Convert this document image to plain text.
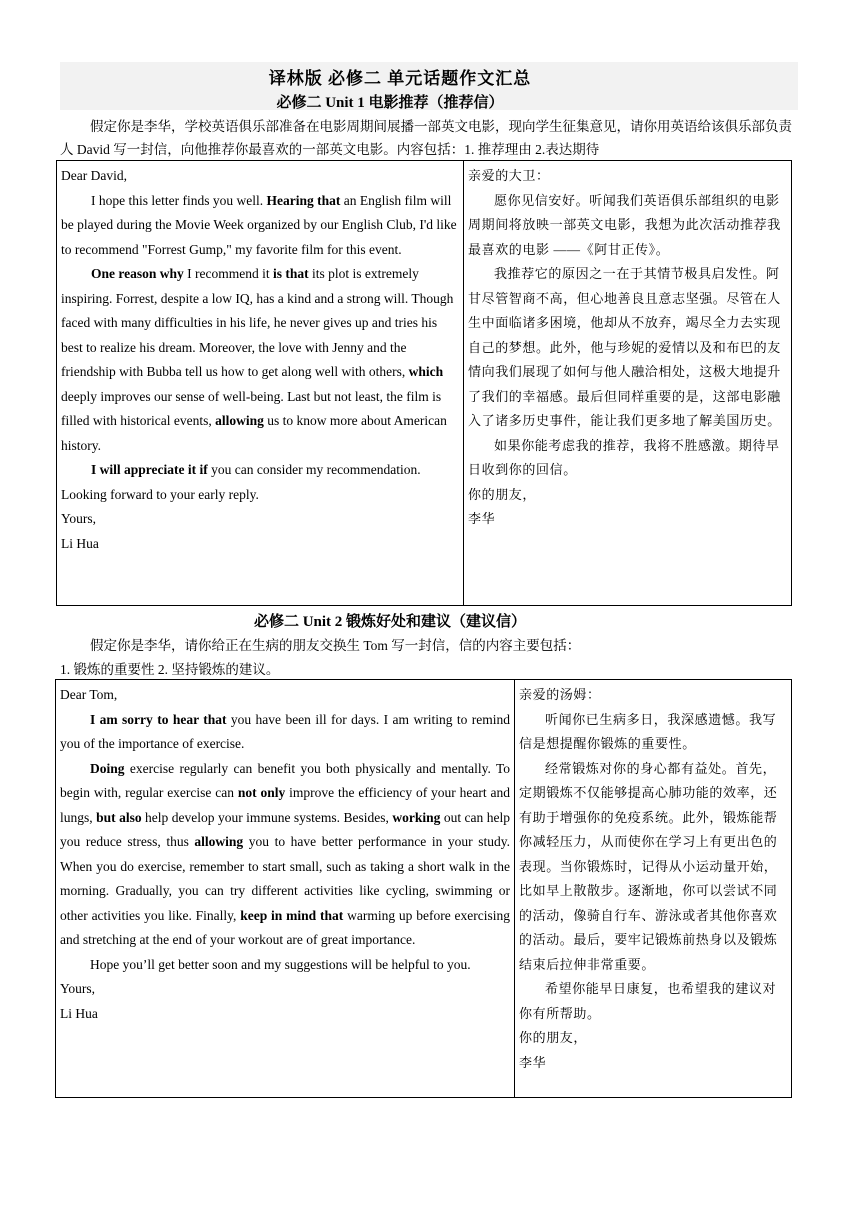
译林版 必修二 单元话题作文汇总
必修二 Unit 1 电影推荐（推荐信）
假定你是李华，学校英语俱乐部准备在电影周期间展播一部英文电影，现向学生征集意见，请你用英语给该俱乐部负责人 David 写一封信，向他推荐你最喜欢的一部英文电影。内容包括：1. 推荐理由 2.表达期待

Dear David,

I hope this letter finds you well. Hearing that an English film will be played during the Movie Week organized by our English Club, I'd like to recommend "Forrest Gump," my favorite film for this event.

One reason why I recommend it is that its plot is extremely inspiring. Forrest, despite a low IQ, has a kind and a strong will. Though faced with many difficulties in his life, he never gives up and tries his best to realize his dream. Moreover, the love with Jenny and the friendship with Bubba tell us how to get along well with others, which deeply improves our sense of well-being. Last but not least, the film is filled with historical events, allowing us to know more about American history.

I will appreciate it if you can consider my recommendation. Looking forward to your early reply.

Yours,

Li Hua

亲爱的大卫：

愿你见信安好。听闻我们英语俱乐部组织的电影周期间将放映一部英文电影，我想为此次活动推荐我最喜欢的电影 ——《阿甘正传》。

我推荐它的原因之一在于其情节极具启发性。阿甘尽管智商不高，但心地善良且意志坚强。尽管在人生中面临诸多困境，他却从不放弃，竭尽全力去实现自己的梦想。此外，他与珍妮的爱情以及和布巴的友情向我们展现了如何与他人融洽相处，这极大地提升了我们的幸福感。最后但同样重要的是，这部电影融入了诸多历史事件，能让我们更多地了解美国历史。

如果你能考虑我的推荐，我将不胜感激。期待早日收到你的回信。

你的朋友，

李华

必修二 Unit 2 锻炼好处和建议（建议信）
假定你是李华，请你给正在生病的朋友交换生 Tom 写一封信，信的内容主要包括：
1. 锻炼的重要性 2. 坚持锻炼的建议。

Dear Tom,

I am sorry to hear that you have been ill for days. I am writing to remind you of the importance of exercise.

Doing exercise regularly can benefit you both physically and mentally. To begin with, regular exercise can not only improve the efficiency of your heart and lungs, but also help develop your immune systems. Besides, working out can help you reduce stress, thus allowing you to have better performance in your study. When you do exercise, remember to start small, such as taking a short walk in the morning. Gradually, you can try different activities like cycling, swimming or other activities you like. Finally, keep in mind that warming up before exercising and stretching at the end of your workout are of great importance.

Hope you’ll get better soon and my suggestions will be helpful to you.

Yours,

Li Hua

亲爱的汤姆：

听闻你已生病多日，我深感遗憾。我写信是想提醒你锻炼的重要性。

经常锻炼对你的身心都有益处。首先，定期锻炼不仅能够提高心肺功能的效率，还有助于增强你的免疫系统。此外，锻炼能帮你减轻压力，从而使你在学习上有更出色的表现。当你锻炼时，记得从小运动量开始，比如早上散散步。逐渐地，你可以尝试不同的活动，像骑自行车、游泳或者其他你喜欢的活动。最后，要牢记锻炼前热身以及锻炼结束后拉伸非常重要。

希望你能早日康复，也希望我的建议对你有所帮助。

你的朋友，

李华
